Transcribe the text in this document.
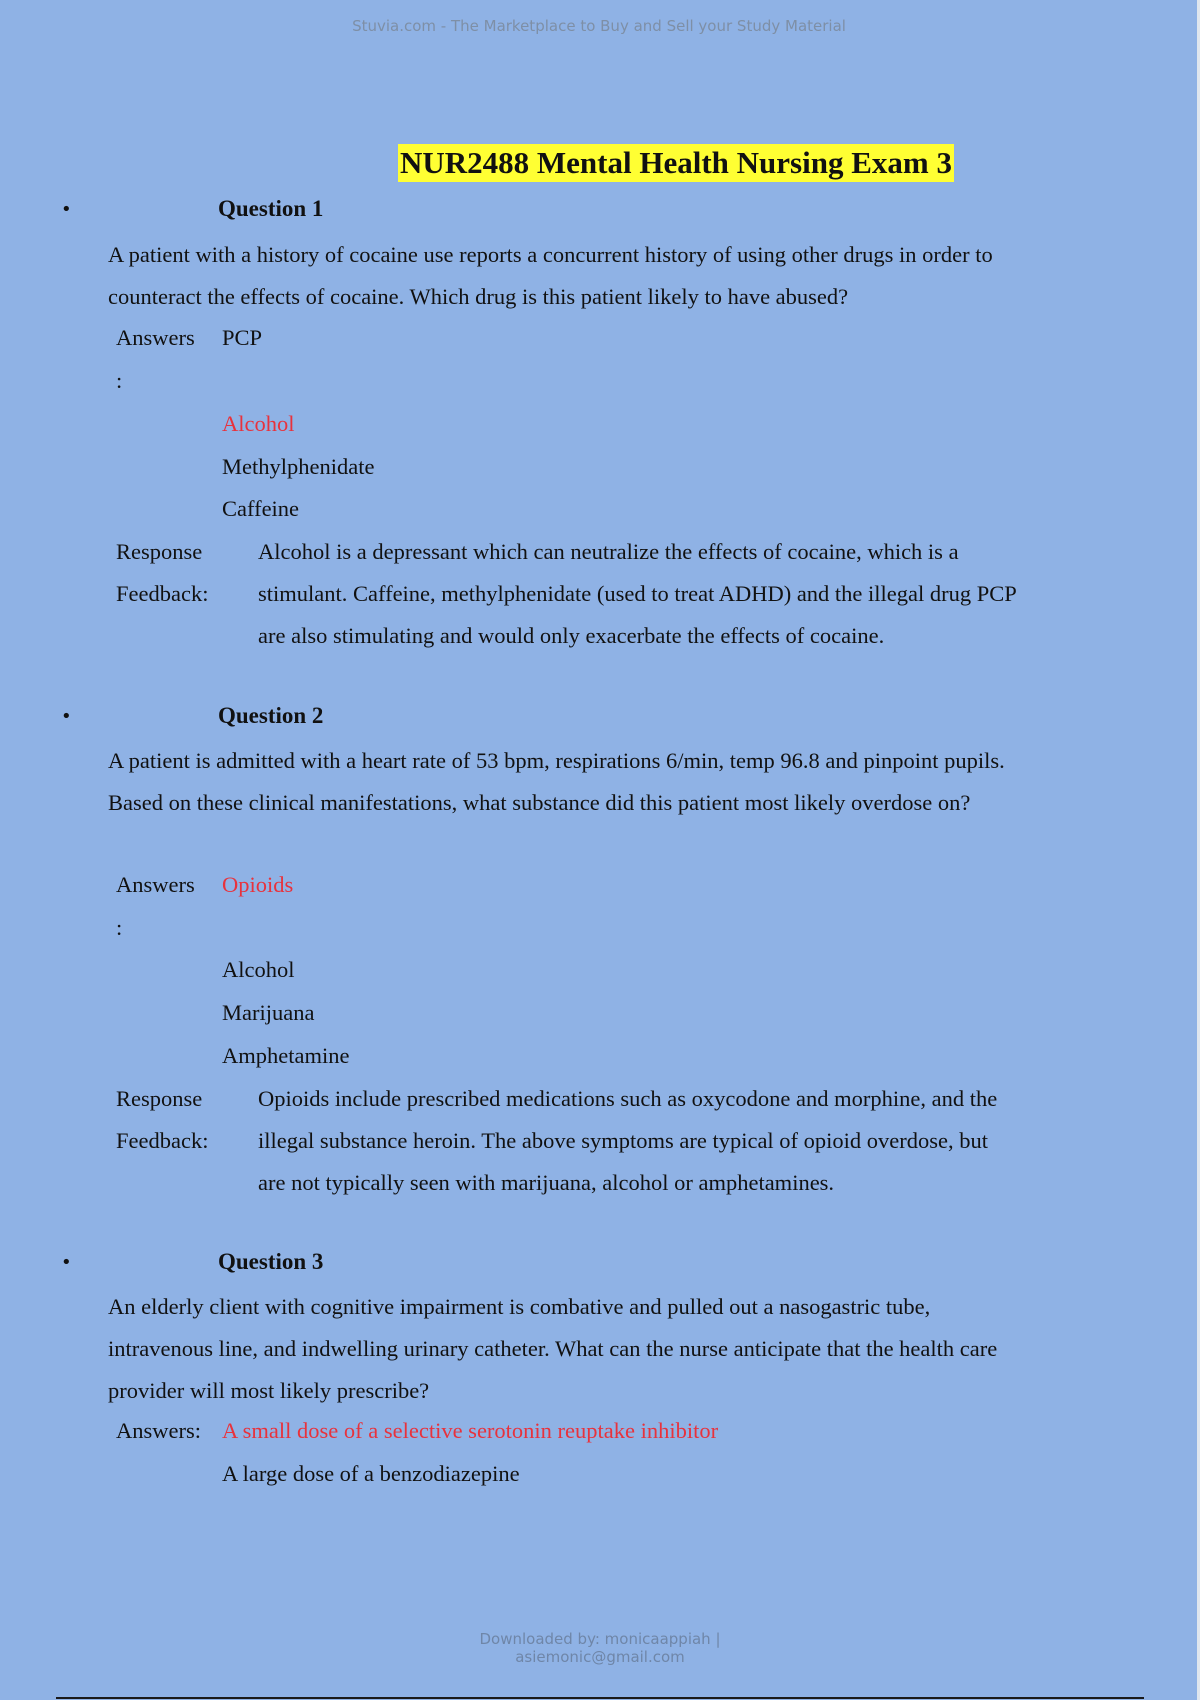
Stuvia.com - The Marketplace to Buy and Sell your Study Material
NUR2488 Mental Health Nursing Exam 3
•	Question 1
A patient with a history of cocaine use reports a concurrent history of using other drugs in order to counteract the effects of cocaine. Which drug is this patient likely to have abused?
Answers
:
PCP
Alcohol
Methylphenidate
Caffeine
Response
Feedback:
Alcohol is a depressant which can neutralize the effects of cocaine, which is a stimulant. Caffeine, methylphenidate (used to treat ADHD) and the illegal drug PCP are also stimulating and would only exacerbate the effects of cocaine.
•	Question 2
A patient is admitted with a heart rate of 53 bpm, respirations 6/min, temp 96.8 and pinpoint pupils. Based on these clinical manifestations, what substance did this patient most likely overdose on?
Answers
:
Opioids
Alcohol
Marijuana
Amphetamine
Response
Feedback:
Opioids include prescribed medications such as oxycodone and morphine, and the illegal substance heroin. The above symptoms are typical of opioid overdose, but are not typically seen with marijuana, alcohol or amphetamines.
•	Question 3
An elderly client with cognitive impairment is combative and pulled out a nasogastric tube, intravenous line, and indwelling urinary catheter. What can the nurse anticipate that the health care provider will most likely prescribe?
Answers: A small dose of a selective serotonin reuptake inhibitor
A large dose of a benzodiazepine
Downloaded by: monicaappiah |
asiemonic@gmail.com
